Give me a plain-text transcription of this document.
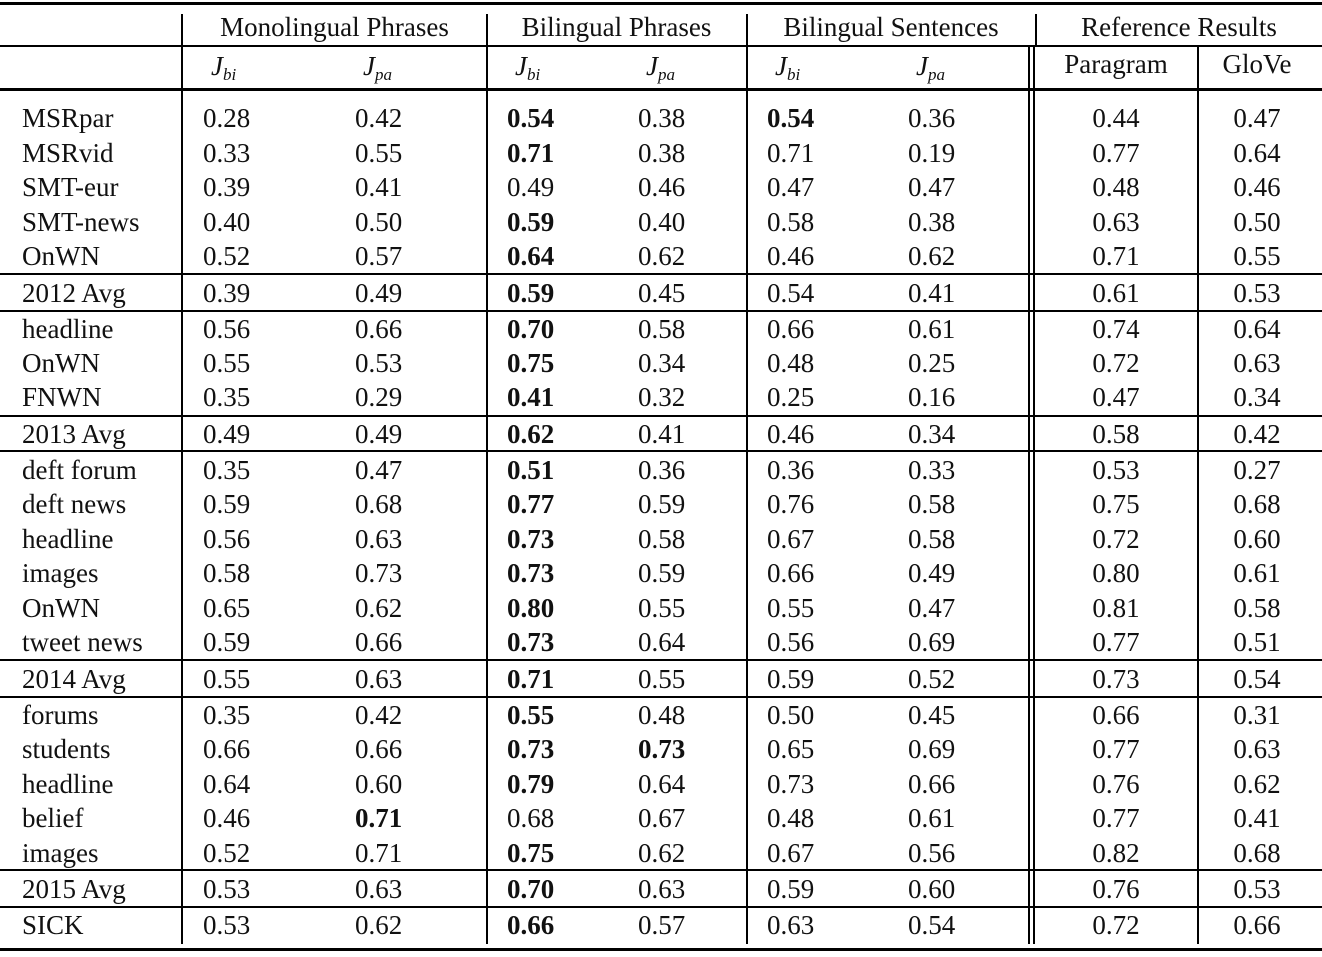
Monolingual Phrases	Bilingual Phrases	Bilingual Sentences	Reference Results
$J_{bi}$	$J_{pa}$	$J_{bi}$	$J_{pa}$	$J_{bi}$	$J_{pa}$	Paragram	GloVe
MSRpar	0.28	0.42	0.54	0.38	0.54	0.36	0.44	0.47
MSRvid	0.33	0.55	0.71	0.38	0.71	0.19	0.77	0.64
SMT-eur	0.39	0.41	0.49	0.46	0.47	0.47	0.48	0.46
SMT-news 0.40	0.50	0.59	0.40	0.58	0.38	0.63	0.50
OnWN	0.52	0.57	0.64	0.62	0.46	0.62	0.71	0.55
2012 Avg	0.39	0.49	0.59	0.45	0.54	0.41	0.61	0.53
headline	0.56	0.66	0.70	0.58	0.66	0.61	0.74	0.64
OnWN	0.55	0.53	0.75	0.34	0.48	0.25	0.72	0.63
FNWN	0.35	0.29	0.41	0.32	0.25	0.16	0.47	0.34
2013 Avg	0.49	0.49	0.62	0.41	0.46	0.34	0.58	0.42
deft forum 0.35	0.47	0.51	0.36	0.36	0.33	0.53	0.27
deft news	0.59	0.68	0.77	0.59	0.76	0.58	0.75	0.68
headline	0.56	0.63	0.73	0.58	0.67	0.58	0.72	0.60
images	0.58	0.73	0.73	0.59	0.66	0.49	0.80	0.61
OnWN	0.65	0.62	0.80	0.55	0.55	0.47	0.81	0.58
tweet news 0.59	0.66	0.73	0.64	0.56	0.69	0.77	0.51
2014 Avg	0.55	0.63	0.71	0.55	0.59	0.52	0.73	0.54
forums	0.35	0.42	0.55	0.48	0.50	0.45	0.66	0.31
students	0.66	0.66	0.73	0.73	0.65	0.69	0.77	0.63
headline	0.64	0.60	0.79	0.64	0.73	0.66	0.76	0.62
belief	0.46	0.71	0.68	0.67	0.48	0.61	0.77	0.41
images	0.52	0.71	0.75	0.62	0.67	0.56	0.82	0.68
2015 Avg	0.53	0.63	0.70	0.63	0.59	0.60	0.76	0.53
SICK	0.53	0.62	0.66	0.57	0.63	0.54	0.72	0.66
